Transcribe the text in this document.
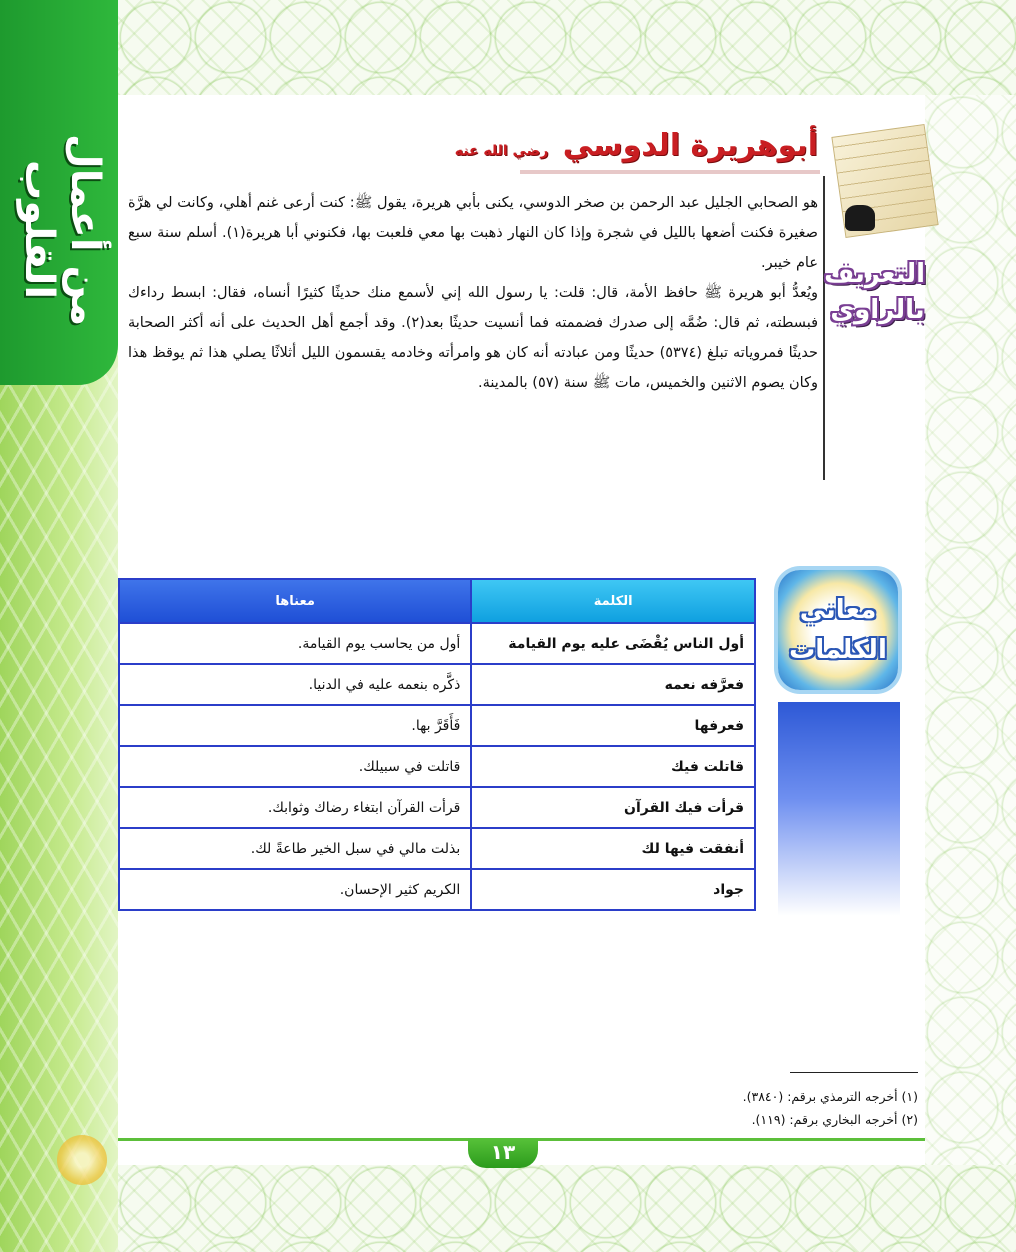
من أعمال القلوب
أبوهريرة الدوسي رضي الله عنه
التعريف
بالراوي

هو الصحابي الجليل عبد الرحمن بن صخر الدوسي، يكنى بأبي هريرة، يقول ﷺ: كنت أرعى غنم أهلي، وكانت لي هرَّة صغيرة فكنت أضعها بالليل في شجرة وإذا كان النهار ذهبت بها معي فلعبت بها، فكنوني أبا هريرة(١). أسلم سنة سبع عام خيبر.

ويُعدُّ أبو هريرة ﷺ حافظ الأمة، قال: قلت: يا رسول الله إني لأسمع منك حديثًا كثيرًا أنساه، فقال: ابسط رداءك فبسطته، ثم قال: ضُمَّه إلى صدرك فضممته فما أنسيت حديثًا بعد(٢). وقد أجمع أهل الحديث على أنه أكثر الصحابة حديثًا فمروياته تبلغ (٥٣٧٤) حديثًا ومن عبادته أنه كان هو وامرأته وخادمه يقسمون الليل أثلاثًا يصلي هذا ثم يوقظ هذا وكان يصوم الاثنين والخميس، مات ﷺ سنة (٥٧) بالمدينة.

معاني
الكلمات
الكلمة	معناها
أول الناس يُقْضَى عليه يوم القيامة	أول من يحاسب يوم القيامة.
فعرَّفه نعمه	ذكَّره بنعمه عليه في الدنيا.
فعرفها	فَأَقَرَّ بها.
قاتلت فيك	قاتلت في سبيلك.
قرأت فيك القرآن	قرأت القرآن ابتغاء رضاك وثوابك.
أنفقت فيها لك	بذلت مالي في سبل الخير طاعةً لك.
جواد	الكريم كثير الإحسان.
(١) أخرجه الترمذي برقم: (٣٨٤٠).
(٢) أخرجه البخاري برقم: (١١٩).
١٣
